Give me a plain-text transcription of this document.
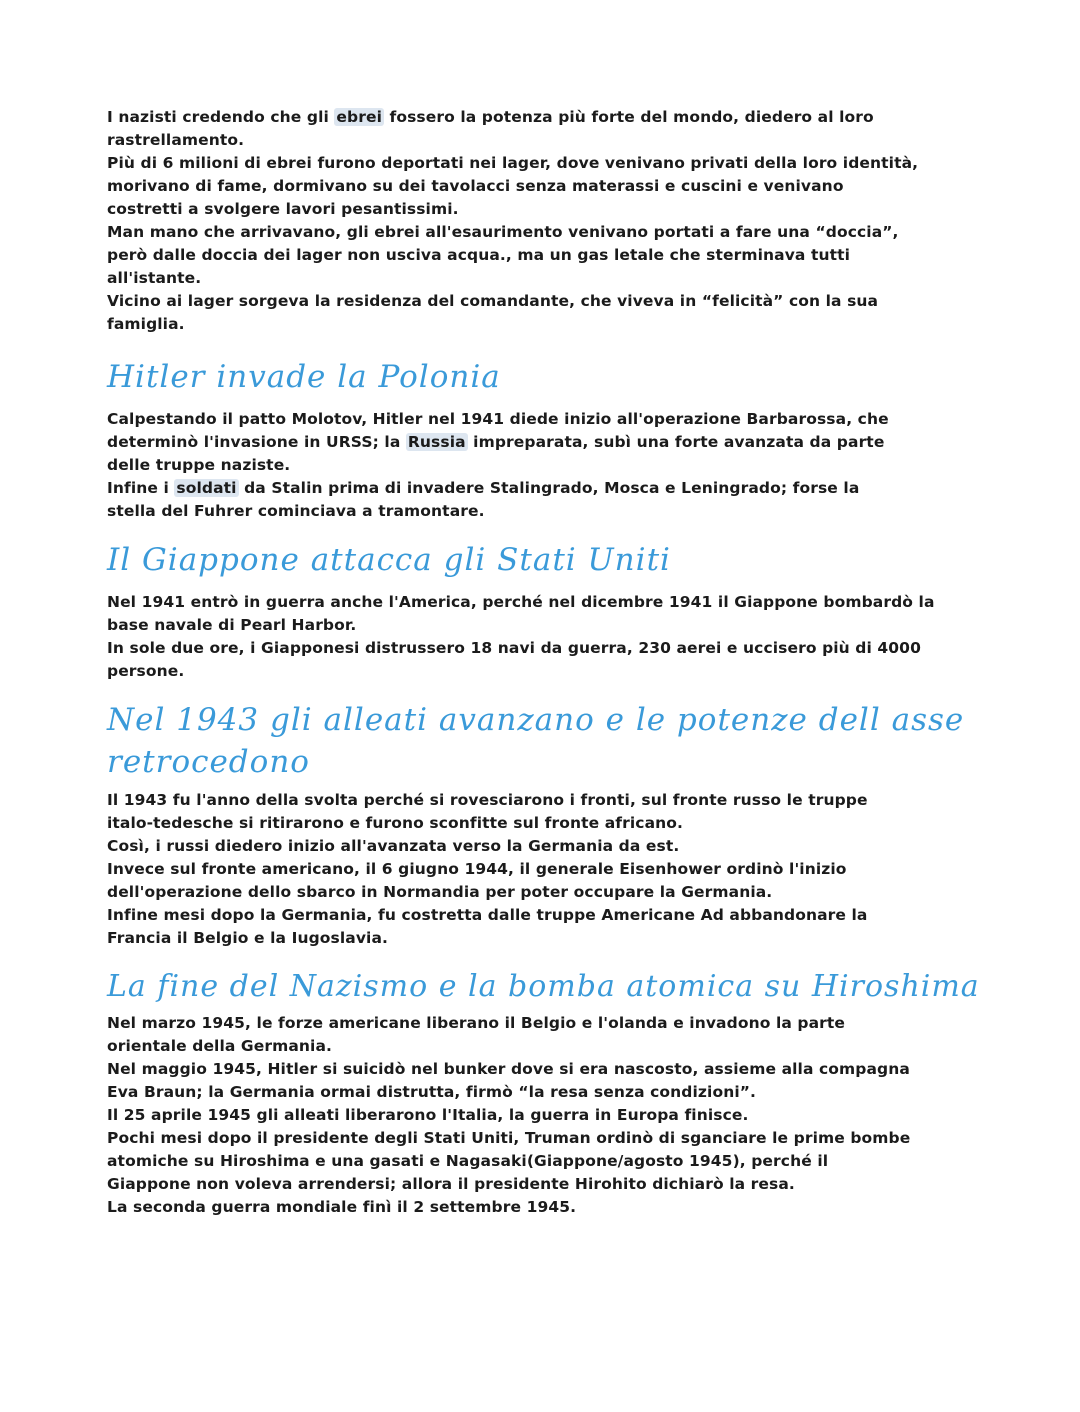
I nazisti credendo che gli ebrei fossero la potenza più forte del mondo, diedero al loro
rastrellamento.
Più di 6 milioni di ebrei furono deportati nei lager, dove venivano privati della loro identità,
morivano di fame, dormivano su dei tavolacci senza materassi e cuscini e venivano
costretti a svolgere lavori pesantissimi.
Man mano che arrivavano, gli ebrei all'esaurimento venivano portati a fare una “doccia”,
però dalle doccia dei lager non usciva acqua., ma un gas letale che sterminava tutti
all'istante.
Vicino ai lager sorgeva la residenza del comandante, che viveva in “felicità” con la sua
famiglia.
Hitler invade la Polonia
Calpestando il patto Molotov, Hitler nel 1941 diede inizio all'operazione Barbarossa, che
determinò l'invasione in URSS; la Russia impreparata, subì una forte avanzata da parte
delle truppe naziste.
Infine i soldati da Stalin prima di invadere Stalingrado, Mosca e Leningrado; forse la
stella del Fuhrer cominciava a tramontare.
Il Giappone attacca gli Stati Uniti
Nel 1941 entrò in guerra anche l'America, perché nel dicembre 1941 il Giappone bombardò la
base navale di Pearl Harbor.
In sole due ore, i Giapponesi distrussero 18 navi da guerra, 230 aerei e uccisero più di 4000
persone.
Nel 1943 gli alleati avanzano e le potenze dell asse
retrocedono
Il 1943 fu l'anno della svolta perché si rovesciarono i fronti, sul fronte russo le truppe
italo-tedesche si ritirarono e furono sconfitte sul fronte africano.
Così, i russi diedero inizio all'avanzata verso la Germania da est.
Invece sul fronte americano, il 6 giugno 1944, il generale Eisenhower ordinò l'inizio
dell'operazione dello sbarco in Normandia per poter occupare la Germania.
Infine mesi dopo la Germania, fu costretta dalle truppe Americane Ad abbandonare la
Francia il Belgio e la Iugoslavia.
La fine del Nazismo e la bomba atomica su Hiroshima
Nel marzo 1945, le forze americane liberano il Belgio e l'olanda e invadono la parte
orientale della Germania.
Nel maggio 1945, Hitler si suicidò nel bunker dove si era nascosto, assieme alla compagna
Eva Braun; la Germania ormai distrutta, firmò “la resa senza condizioni”.
Il 25 aprile 1945 gli alleati liberarono l'Italia, la guerra in Europa finisce.
Pochi mesi dopo il presidente degli Stati Uniti, Truman ordinò di sganciare le prime bombe
atomiche su Hiroshima e una gasati e Nagasaki(Giappone/agosto 1945), perché il
Giappone non voleva arrendersi; allora il presidente Hirohito dichiarò la resa.
La seconda guerra mondiale finì il 2 settembre 1945.
